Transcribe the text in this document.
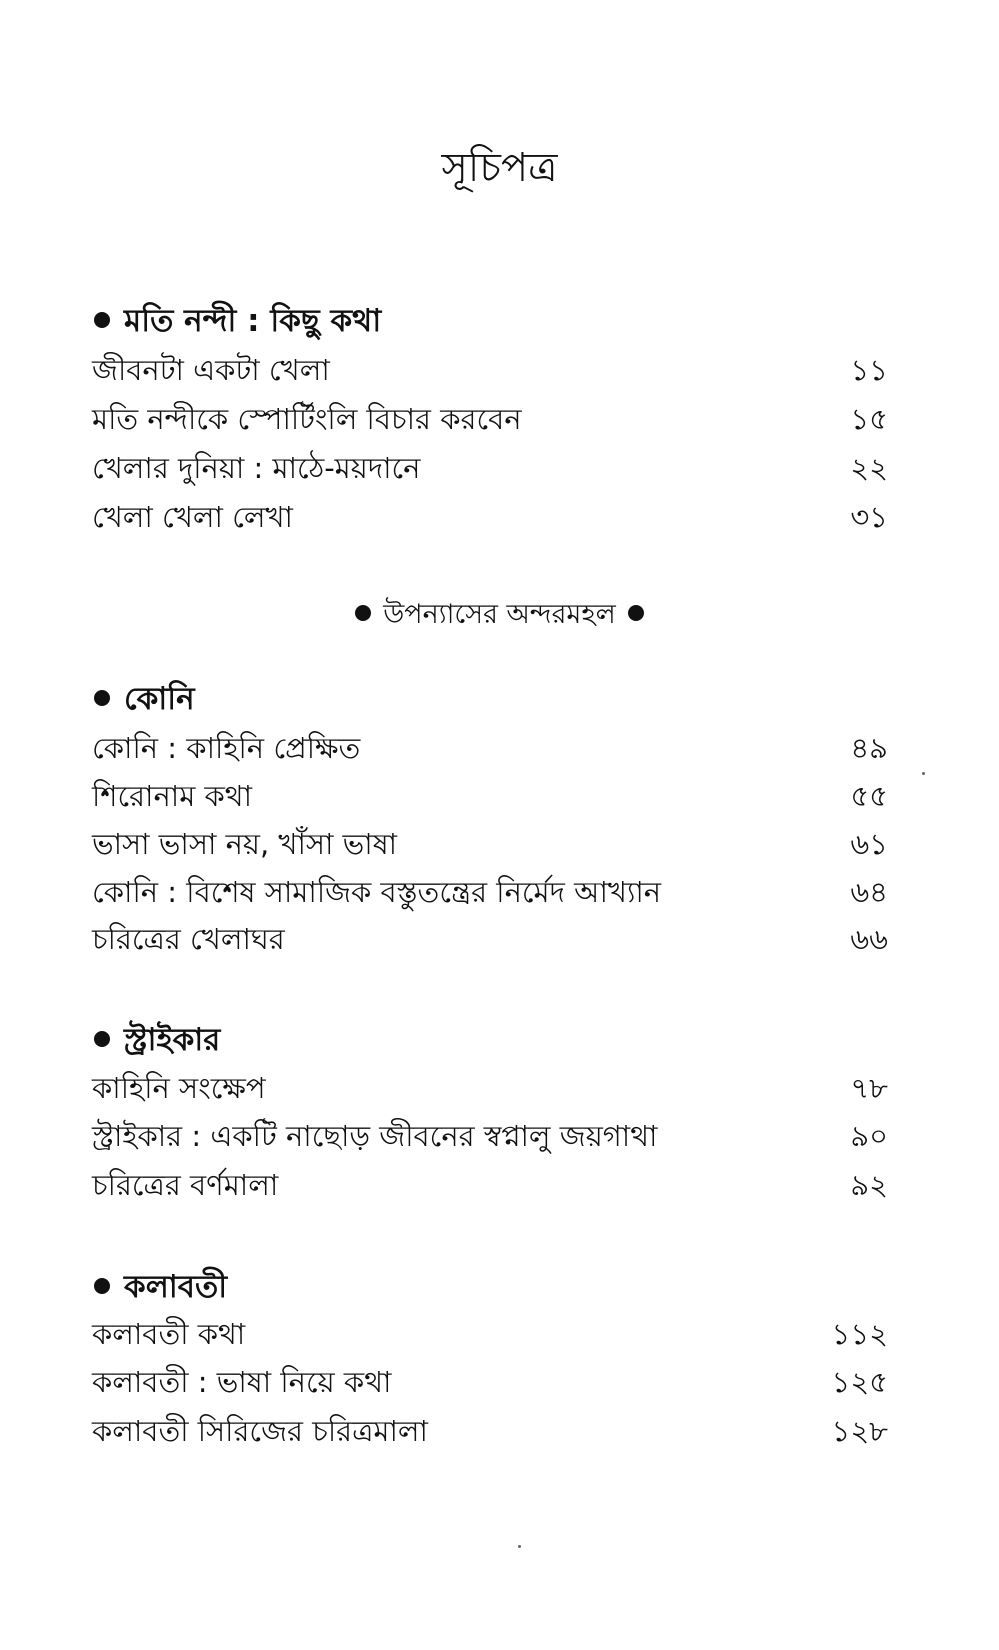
সূচিপত্র
মতি নন্দী : কিছু কথা
জীবনটা একটা খেলা	১১
মতি নন্দীকে স্পোর্টিংলি বিচার করবেন	১৫
খেলার দুনিয়া : মাঠে-ময়দানে	২২
খেলা খেলা লেখা	৩১
উপন্যাসের অন্দরমহল
কোনি
কোনি : কাহিনি প্রেক্ষিত	৪৯
শিরোনাম কথা	৫৫
ভাসা ভাসা নয়, খাঁসা ভাষা	৬১
কোনি : বিশেষ সামাজিক বস্তুতন্ত্রের নির্মেদ আখ্যান	৬৪
চরিত্রের খেলাঘর	৬৬
স্ট্রাইকার
কাহিনি সংক্ষেপ	৭৮
স্ট্রাইকার : একটি নাছোড় জীবনের স্বপ্নালু জয়গাথা	৯০
চরিত্রের বর্ণমালা	৯২
কলাবতী
কলাবতী কথা	১১২
কলাবতী : ভাষা নিয়ে কথা	১২৫
কলাবতী সিরিজের চরিত্রমালা	১২৮
